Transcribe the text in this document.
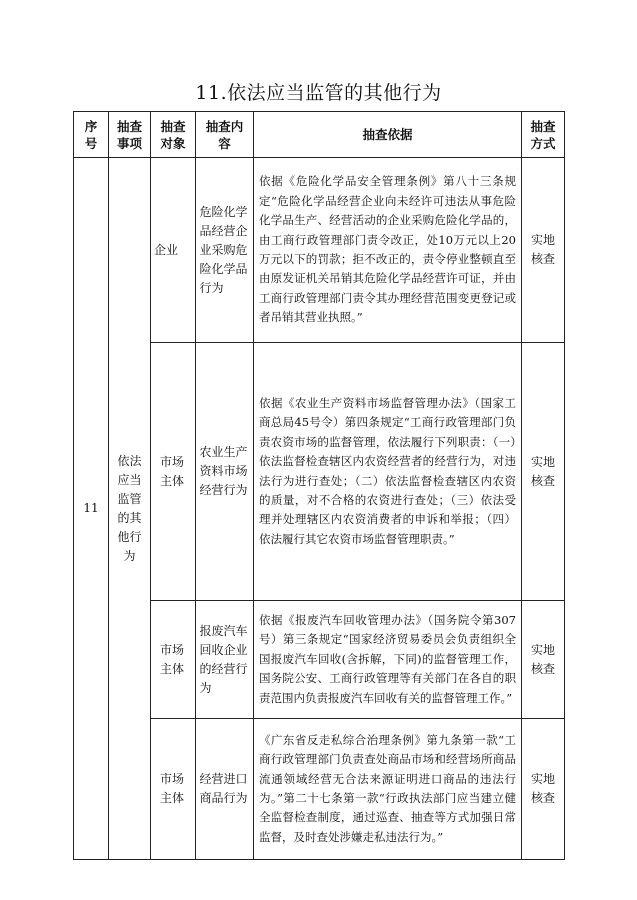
11.依法应当监管的其他行为
序号	抽查事项	抽查对象	抽查内容	抽查依据	抽查方式

11	依法应当监管的其他行为	企业	危险化学品经营企业采购危险化学品行为	依据《危险化学品安全管理条例》第八十三条规定“危险化学品经营企业向未经许可违法从事危险化学品生产、经营活动的企业采购危险化学品的，由工商行政管理部门责令改正，处10万元以上20万元以下的罚款；拒不改正的，责令停业整顿直至由原发证机关吊销其危险化学品经营许可证，并由工商行政管理部门责令其办理经营范围变更登记或者吊销其营业执照。”	实地核查

		市场主体	农业生产资料市场经营行为	依据《农业生产资料市场监督管理办法》（国家工商总局45号令）第四条规定“工商行政管理部门负责农资市场的监督管理，依法履行下列职责：（一）依法监督检查辖区内农资经营者的经营行为，对违法行为进行查处；（二）依法监督检查辖区内农资的质量，对不合格的农资进行查处；（三）依法受理并处理辖区内农资消费者的申诉和举报；（四）依法履行其它农资市场监督管理职责。”	实地核查

		市场主体	报废汽车回收企业的经营行为	依据《报废汽车回收管理办法》（国务院令第307号）第三条规定“国家经济贸易委员会负责组织全国报废汽车回收(含拆解，下同)的监督管理工作，国务院公安、工商行政管理等有关部门在各自的职责范围内负责报废汽车回收有关的监督管理工作。”	实地核查

		市场主体	经营进口商品行为	《广东省反走私综合治理条例》第九条第一款“工商行政管理部门负责查处商品市场和经营场所商品流通领域经营无合法来源证明进口商品的违法行为。”第二十七条第一款“行政执法部门应当建立健全监督检查制度，通过巡查、抽查等方式加强日常监督，及时查处涉嫌走私违法行为。”	实地核查
